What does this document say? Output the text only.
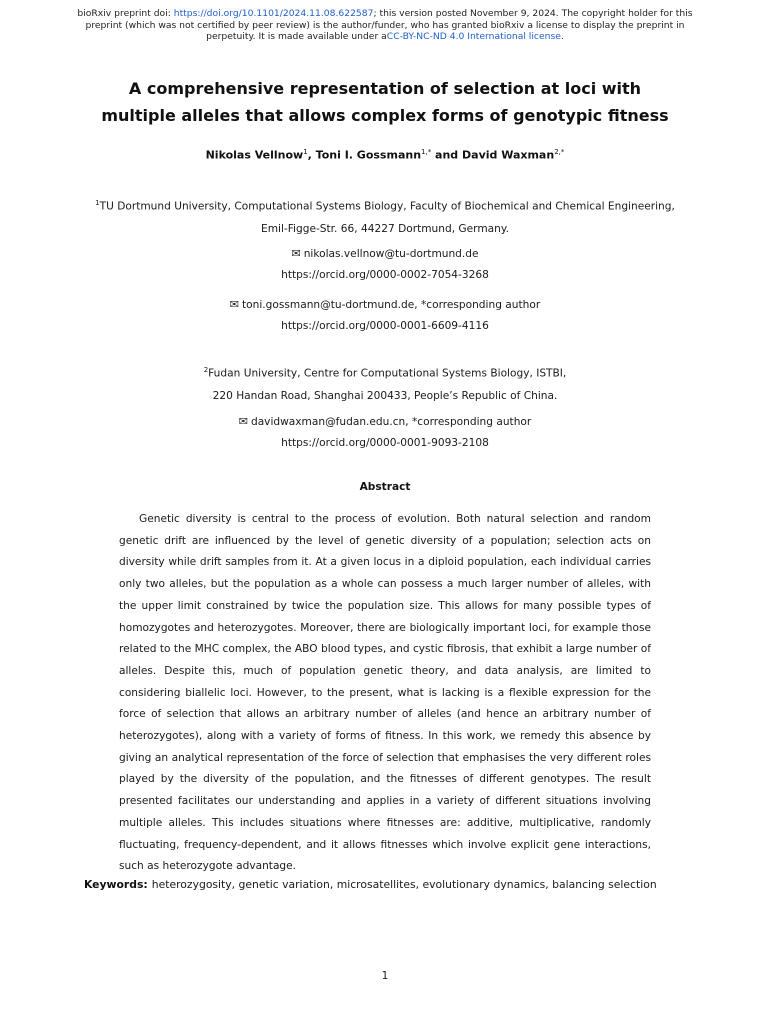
bioRxiv preprint doi: https://doi.org/10.1101/2024.11.08.622587; this version posted November 9, 2024. The copyright holder for this
preprint (which was not certified by peer review) is the author/funder, who has granted bioRxiv a license to display the preprint in
perpetuity. It is made available under aCC-BY-NC-ND 4.0 International license.
A comprehensive representation of selection at loci with
multiple alleles that allows complex forms of genotypic fitness
Nikolas Vellnow$^1$, Toni I. Gossmann$^{1,*}$ and David Waxman$^{2,*}$
$^1$TU Dortmund University, Computational Systems Biology, Faculty of Biochemical and Chemical Engineering,
Emil-Figge-Str. 66, 44227 Dortmund, Germany.
✉ nikolas.vellnow@tu-dortmund.de
https://orcid.org/0000-0002-7054-3268
✉ toni.gossmann@tu-dortmund.de, *corresponding author
https://orcid.org/0000-0001-6609-4116
$^2$Fudan University, Centre for Computational Systems Biology, ISTBI,
220 Handan Road, Shanghai 200433, People’s Republic of China.
✉ davidwaxman@fudan.edu.cn, *corresponding author
https://orcid.org/0000-0001-9093-2108
Abstract

Genetic diversity is central to the process of evolution. Both natural selection and random genetic drift are influenced by the level of genetic diversity of a population; selection acts on diversity while drift samples from it. At a given locus in a diploid population, each individual carries only two alleles, but the population as a whole can possess a much larger number of alleles, with the upper limit constrained by twice the population size. This allows for many possible types of homozygotes and heterozygotes. Moreover, there are biologically important loci, for example those related to the MHC complex, the ABO blood types, and cystic fibrosis, that exhibit a large number of alleles. Despite this, much of population genetic theory, and data analysis, are limited to considering biallelic loci. However, to the present, what is lacking is a flexible expression for the force of selection that allows an arbitrary number of alleles (and hence an arbitrary number of heterozygotes), along with a variety of forms of fitness. In this work, we remedy this absence by giving an analytical representation of the force of selection that emphasises the very different roles played by the diversity of the population, and the fitnesses of different genotypes. The result presented facilitates our understanding and applies in a variety of different situations involving multiple alleles. This includes situations where fitnesses are: additive, multiplicative, randomly fluctuating, frequency-dependent, and it allows fitnesses which involve explicit gene interactions, such as heterozygote advantage.

Keywords: heterozygosity, genetic variation, microsatellites, evolutionary dynamics, balancing selection
1
